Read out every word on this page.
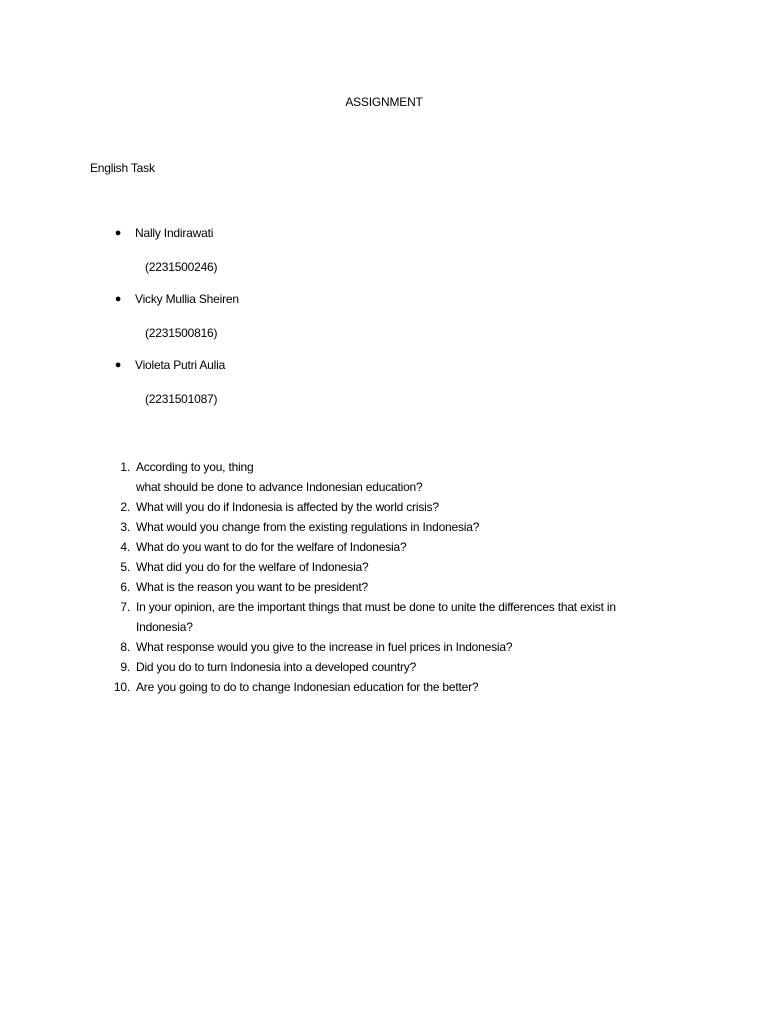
ASSIGNMENT
English Task
● Nally Indirawati
(2231500246)
● Vicky Mullia Sheiren
(2231500816)
● Violeta Putri Aulia
(2231501087)
1. According to you, thing
what should be done to advance Indonesian education?
2. What will you do if Indonesia is affected by the world crisis?
3. What would you change from the existing regulations in Indonesia?
4. What do you want to do for the welfare of Indonesia?
5. What did you do for the welfare of Indonesia?
6. What is the reason you want to be president?
7. In your opinion, are the important things that must be done to unite the differences that exist in
Indonesia?
8. What response would you give to the increase in fuel prices in Indonesia?
9. Did you do to turn Indonesia into a developed country?
10. Are you going to do to change Indonesian education for the better?
